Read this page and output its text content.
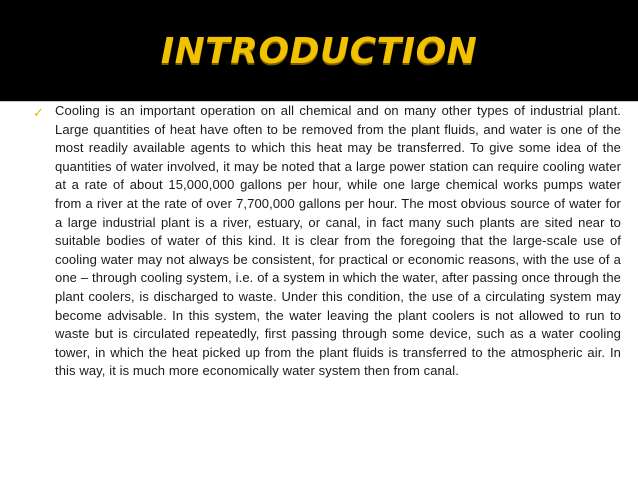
INTRODUCTION
✓ Cooling is an important operation on all chemical and on many other types of industrial plant. Large quantities of heat have often to be removed from the plant fluids, and water is one of the most readily available agents to which this heat may be transferred. To give some idea of the quantities of water involved, it may be noted that a large power station can require cooling water at a rate of about 15,000,000 gallons per hour, while one large chemical works pumps water from a river at the rate of over 7,700,000 gallons per hour. The most obvious source of water for a large industrial plant is a river, estuary, or canal, in fact many such plants are sited near to suitable bodies of water of this kind. It is clear from the foregoing that the large-scale use of cooling water may not always be consistent, for practical or economic reasons, with the use of a one – through cooling system, i.e. of a system in which the water, after passing once through the plant coolers, is discharged to waste. Under this condition, the use of a circulating system may become advisable. In this system, the water leaving the plant coolers is not allowed to run to waste but is circulated repeatedly, first passing through some device, such as a water cooling tower, in which the heat picked up from the plant fluids is transferred to the atmospheric air. In this way, it is much more economically water system then from canal.
